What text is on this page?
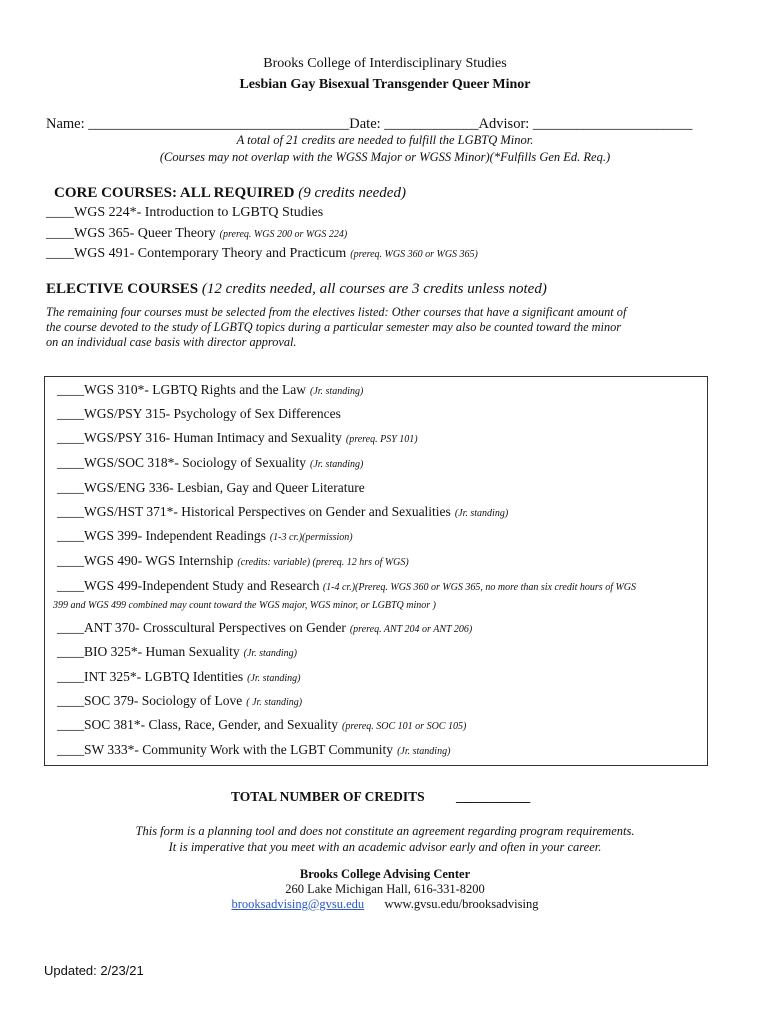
Brooks College of Interdisciplinary Studies
Lesbian Gay Bisexual Transgender Queer Minor
Name: ____________________________________Date: _____________Advisor: ______________________
A total of 21 credits are needed to fulfill the LGBTQ Minor.
(Courses may not overlap with the WGSS Major or WGSS Minor)(*Fulfills Gen Ed. Req.)
CORE COURSES: ALL REQUIRED (9 credits needed)
____WGS 224*- Introduction to LGBTQ Studies
____WGS 365- Queer Theory (prereq. WGS 200 or WGS 224)
____WGS 491- Contemporary Theory and Practicum (prereq. WGS 360 or WGS 365)
ELECTIVE COURSES (12 credits needed, all courses are 3 credits unless noted)
The remaining four courses must be selected from the electives listed: Other courses that have a significant amount of
the course devoted to the study of LGBTQ topics during a particular semester may also be counted toward the minor
on an individual case basis with director approval.
____WGS 499-Independent Study and Research (1-4 cr.)(Prereq. WGS 360 or WGS 365, no more than six credit hours of WGS
399 and WGS 499 combined may count toward the WGS major, WGS minor, or LGBTQ minor )
____WGS 310*- LGBTQ Rights and the Law (Jr. standing)
____WGS/PSY 315- Psychology of Sex Differences
____WGS/PSY 316- Human Intimacy and Sexuality (prereq. PSY 101)
____WGS/SOC 318*- Sociology of Sexuality (Jr. standing)
____WGS/ENG 336- Lesbian, Gay and Queer Literature
____WGS/HST 371*- Historical Perspectives on Gender and Sexualities (Jr. standing)
____WGS 399- Independent Readings (1-3 cr.)(permission)
____WGS 490- WGS Internship (credits: variable) (prereq. 12 hrs of WGS)
____ANT 370- Crosscultural Perspectives on Gender (prereq. ANT 204 or ANT 206)
____BIO 325*- Human Sexuality (Jr. standing)
____INT 325*- LGBTQ Identities (Jr. standing)
____SOC 379- Sociology of Love ( Jr. standing)
____SOC 381*- Class, Race, Gender, and Sexuality (prereq. SOC 101 or SOC 105)
____SW 333*- Community Work with the LGBT Community (Jr. standing)
TOTAL NUMBER OF CREDITS ___________
This form is a planning tool and does not constitute an agreement regarding program requirements.
It is imperative that you meet with an academic advisor early and often in your career.
Brooks College Advising Center
260 Lake Michigan Hall, 616-331-8200
brooksadvising@gvsu.edu www.gvsu.edu/brooksadvising
Updated: 2/23/21
